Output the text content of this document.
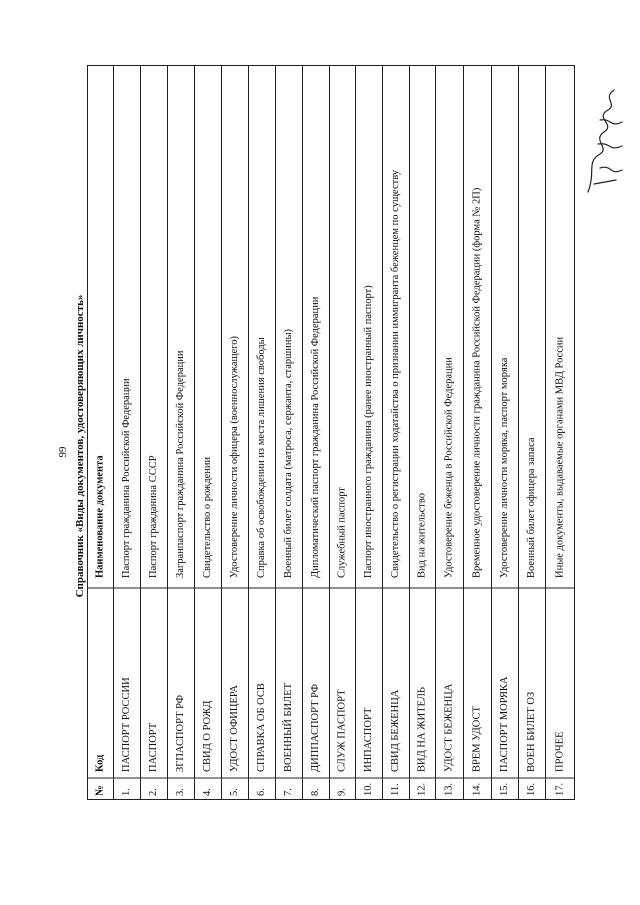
99 Справочник «Виды документов, удостоверяющих личность»
№
Код
Наименование документа
1.
ПАСПОРТ РОССИИ
Паспорт гражданина Российской Федерации
2.
ПАСПОРТ
Паспорт гражданина СССР
3.
ЗГПАСПОРТ РФ
Загранпаспорт гражданина Российской Федерации
4.
СВИД О РОЖД
Свидетельство о рождении
5.
УДОСТ ОФИЦЕРА
Удостоверение личности офицера (военнослужащего)
6.
СПРАВКА ОБ ОСВ
Справка об освобождении из места лишения свободы
7.
ВОЕННЫЙ БИЛЕТ
Военный билет солдата (матроса, сержанта, старшины)
8.
ДИППАСПОРТ РФ
Дипломатический паспорт гражданина Российской Федерации
9.
СЛУЖ ПАСПОРТ
Служебный паспорт
10.
ИНПАСПОРТ
Паспорт иностранного гражданина (ранее иностранный паспорт)
11.
СВИД БЕЖЕНЦА
Свидетельство о регистрации ходатайства о признании иммигранта беженцем по существу
12.
ВИД НА ЖИТЕЛЬ
Вид на жительство
13.
УДОСТ БЕЖЕНЦА
Удостоверение беженца в Российской Федерации
14.
ВРЕМ УДОСТ
Временное удостоверение личности гражданина Российской Федерации (форма № 2П)
15.
ПАСПОРТ МОРЯКА
Удостоверение личности моряка, паспорт моряка
16.
ВОЕН БИЛЕТ ОЗ
Военный билет офицера запаса
17.
ПРОЧЕЕ
Иные документы, выдаваемые органами МВД России
